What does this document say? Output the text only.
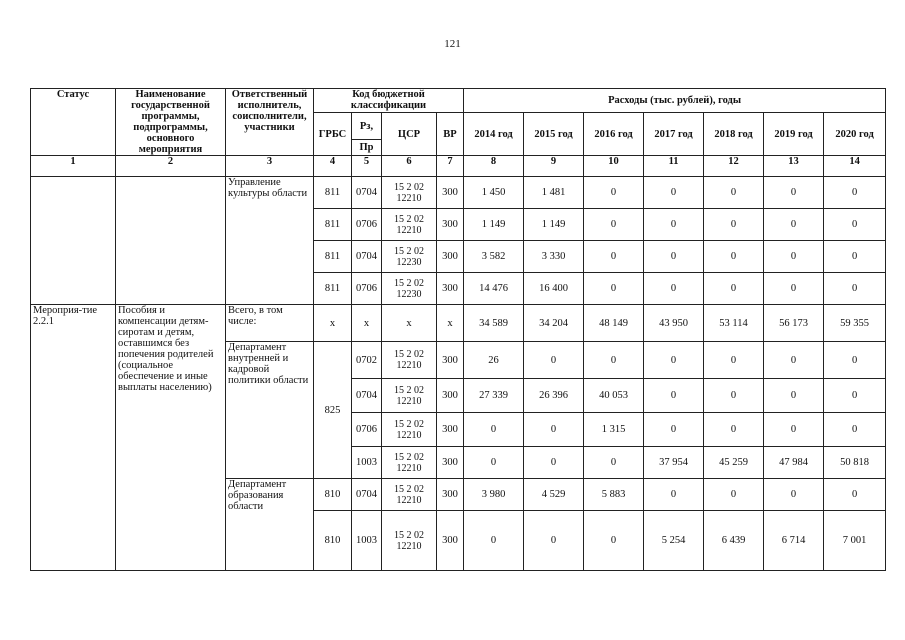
121
Статус	Наименование государственной программы, подпрограммы, основного мероприятия	Ответственный исполнитель, соисполнители, участники	Код бюджетной классификации				Расходы (тыс. рублей), годы						
			ГРБС	Рз,	ЦСР	ВР	2014 год	2015 год	2016 год	2017 год	2018 год	2019 год	2020 год
				Пр									
1	2	3	4	5	6	7	8	9	10	11	12	13	14
		Управление культуры области	811	0704	15 2 02 12210	300	1 450	1 481	0	0	0	0	0
			811	0706	15 2 02 12210	300	1 149	1 149	0	0	0	0	0
			811	0704	15 2 02 12230	300	3 582	3 330	0	0	0	0	0
			811	0706	15 2 02 12230	300	14 476	16 400	0	0	0	0	0
Мероприя-тие 2.2.1	Пособия и компенсации детям-сиротам и детям, оставшимся без попечения родителей (социальное обеспечение и иные выплаты населению)	Всего, в том числе:	х	х	х	х	34 589	34 204	48 149	43 950	53 114	56 173	59 355
		Департамент внутренней и кадровой политики области	825	0702	15 2 02 12210	300	26	0	0	0	0	0	0
				0704	15 2 02 12210	300	27 339	26 396	40 053	0	0	0	0
				0706	15 2 02 12210	300	0	0	1 315	0	0	0	0
				1003	15 2 02 12210	300	0	0	0	37 954	45 259	47 984	50 818
		Департамент образования области	810	0704	15 2 02 12210	300	3 980	4 529	5 883	0	0	0	0
			810	1003	15 2 02 12210	300	0	0	0	5 254	6 439	6 714	7 001
